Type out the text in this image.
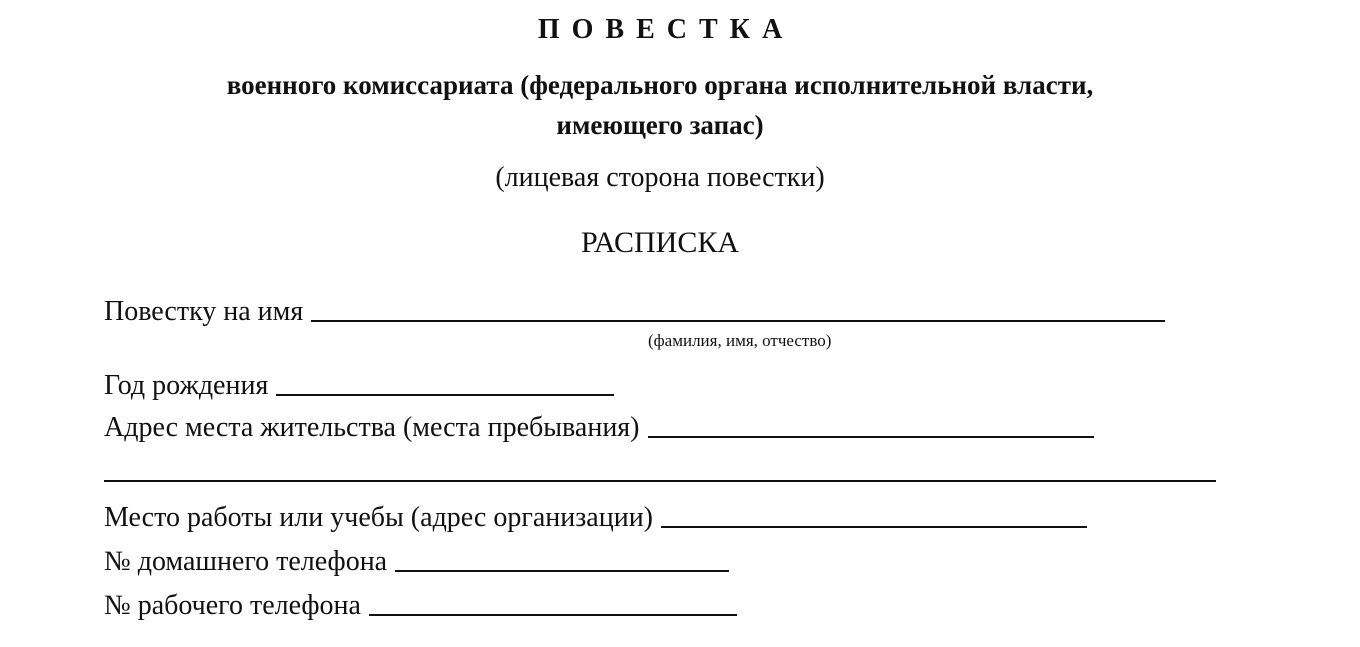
ПОВЕСТКА
военного комиссариата (федерального органа исполнительной власти,
имеющего запас)
(лицевая сторона повестки)
РАСПИСКА
Повестку на имя
(фамилия, имя, отчество)
Год рождения
Адрес места жительства (места пребывания)
Место работы или учебы (адрес организации)
№ домашнего телефона
№ рабочего телефона
